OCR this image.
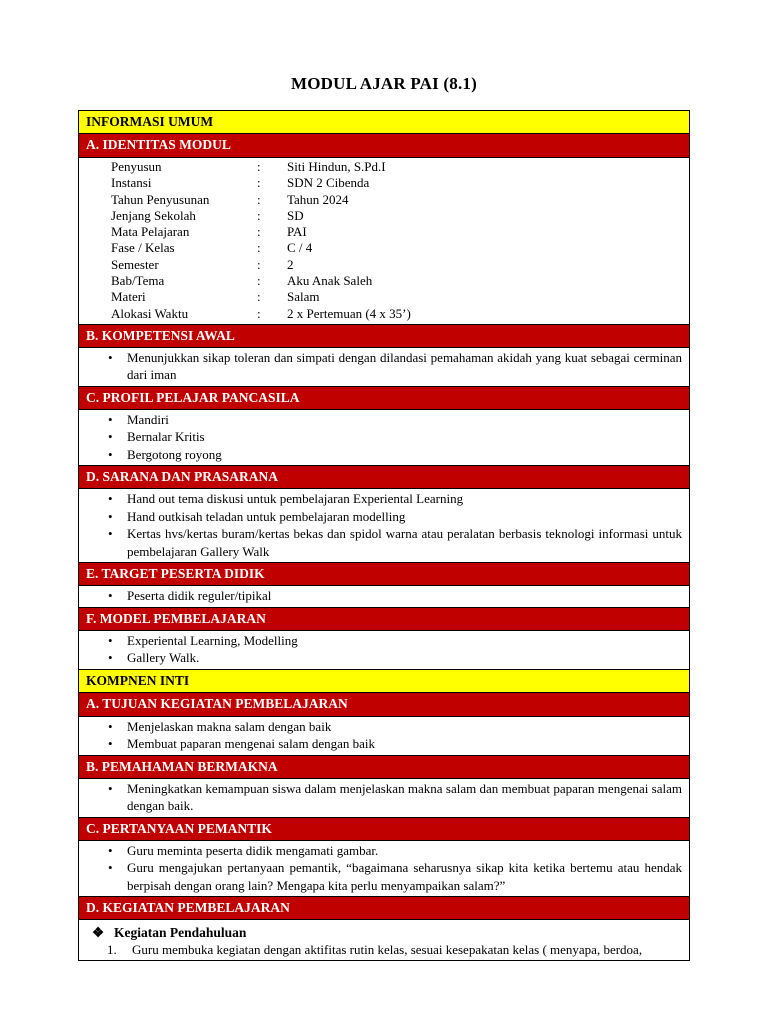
MODUL AJAR PAI (8.1)
INFORMASI UMUM
A. IDENTITAS MODUL
Penyusun	:	Siti Hindun, S.Pd.I
Instansi	:	SDN 2 Cibenda
Tahun Penyusunan	:	Tahun 2024
Jenjang Sekolah	:	SD
Mata Pelajaran	:	PAI
Fase / Kelas	:	C / 4
Semester	:	2
Bab/Tema	:	Aku Anak Saleh
Materi	:	Salam
Alokasi Waktu	:	2 x Pertemuan (4 x 35’)
B. KOMPETENSI AWAL
• Menunjukkan sikap toleran dan simpati dengan dilandasi pemahaman akidah yang kuat sebagai cerminan dari iman
C. PROFIL PELAJAR PANCASILA
• Mandiri
• Bernalar Kritis
• Bergotong royong
D. SARANA DAN PRASARANA
• Hand out tema diskusi untuk pembelajaran Experiental Learning
• Hand outkisah teladan untuk pembelajaran modelling
• Kertas hvs/kertas buram/kertas bekas dan spidol warna atau peralatan berbasis teknologi informasi untuk pembelajaran Gallery Walk
E. TARGET PESERTA DIDIK
• Peserta didik reguler/tipikal
F. MODEL PEMBELAJARAN
• Experiental Learning, Modelling
• Gallery Walk.
KOMPNEN INTI
A. TUJUAN KEGIATAN PEMBELAJARAN
• Menjelaskan makna salam dengan baik
• Membuat paparan mengenai salam dengan baik
B. PEMAHAMAN BERMAKNA
• Meningkatkan kemampuan siswa dalam menjelaskan makna salam dan membuat paparan mengenai salam dengan baik.
C. PERTANYAAN PEMANTIK
• Guru meminta peserta didik mengamati gambar.
• Guru mengajukan pertanyaan pemantik, “bagaimana seharusnya sikap kita ketika bertemu atau hendak berpisah dengan orang lain? Mengapa kita perlu menyampaikan salam?”
D. KEGIATAN PEMBELAJARAN
❖ Kegiatan Pendahuluan
1. Guru membuka kegiatan dengan aktifitas rutin kelas, sesuai kesepakatan kelas ( menyapa, berdoa,
